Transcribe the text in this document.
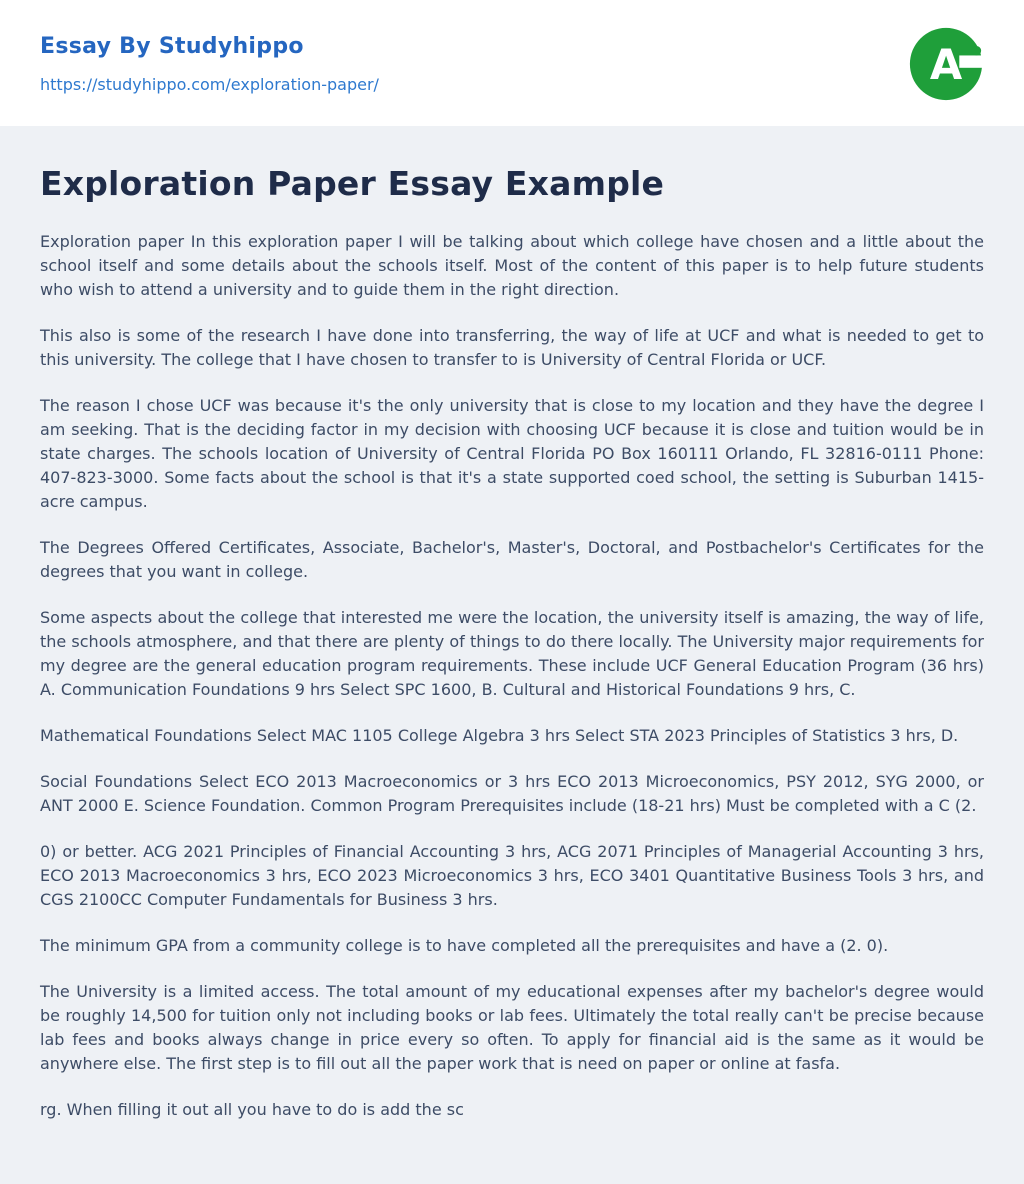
Essay By Studyhippo
https://studyhippo.com/exploration-paper/	A
Exploration Paper Essay Example

Exploration paper In this exploration paper I will be talking about which college have chosen and a little about the school itself and some details about the schools itself. Most of the content of this paper is to help future students who wish to attend a university and to guide them in the right direction.

This also is some of the research I have done into transferring, the way of life at UCF and what is needed to get to this university. The college that I have chosen to transfer to is University of Central Florida or UCF.

The reason I chose UCF was because it's the only university that is close to my location and they have the degree I am seeking. That is the deciding factor in my decision with choosing UCF because it is close and tuition would be in state charges. The schools location of University of Central Florida PO Box 160111 Orlando, FL 32816-0111 Phone: 407-823-3000. Some facts about the school is that it's a state supported coed school, the setting is Suburban 1415-acre campus.

The Degrees Offered Certificates, Associate, Bachelor's, Master's, Doctoral, and Postbachelor's Certificates for the degrees that you want in college.

Some aspects about the college that interested me were the location, the university itself is amazing, the way of life, the schools atmosphere, and that there are plenty of things to do there locally. The University major requirements for my degree are the general education program requirements. These include UCF General Education Program (36 hrs) A. Communication Foundations 9 hrs Select SPC 1600, B. Cultural and Historical Foundations 9 hrs, C.

Mathematical Foundations Select MAC 1105 College Algebra 3 hrs Select STA 2023 Principles of Statistics 3 hrs, D.

Social Foundations Select ECO 2013 Macroeconomics or 3 hrs ECO 2013 Microeconomics, PSY 2012, SYG 2000, or ANT 2000 E. Science Foundation. Common Program Prerequisites include (18-21 hrs) Must be completed with a C (2.

0) or better. ACG 2021 Principles of Financial Accounting 3 hrs, ACG 2071 Principles of Managerial Accounting 3 hrs, ECO 2013 Macroeconomics 3 hrs, ECO 2023 Microeconomics 3 hrs, ECO 3401 Quantitative Business Tools 3 hrs, and CGS 2100CC Computer Fundamentals for Business 3 hrs.

The minimum GPA from a community college is to have completed all the prerequisites and have a (2. 0).

The University is a limited access. The total amount of my educational expenses after my bachelor's degree would be roughly 14,500 for tuition only not including books or lab fees. Ultimately the total really can't be precise because lab fees and books always change in price every so often. To apply for financial aid is the same as it would be anywhere else. The first step is to fill out all the paper work that is need on paper or online at fasfa.

rg. When filling it out all you have to do is add the sc
